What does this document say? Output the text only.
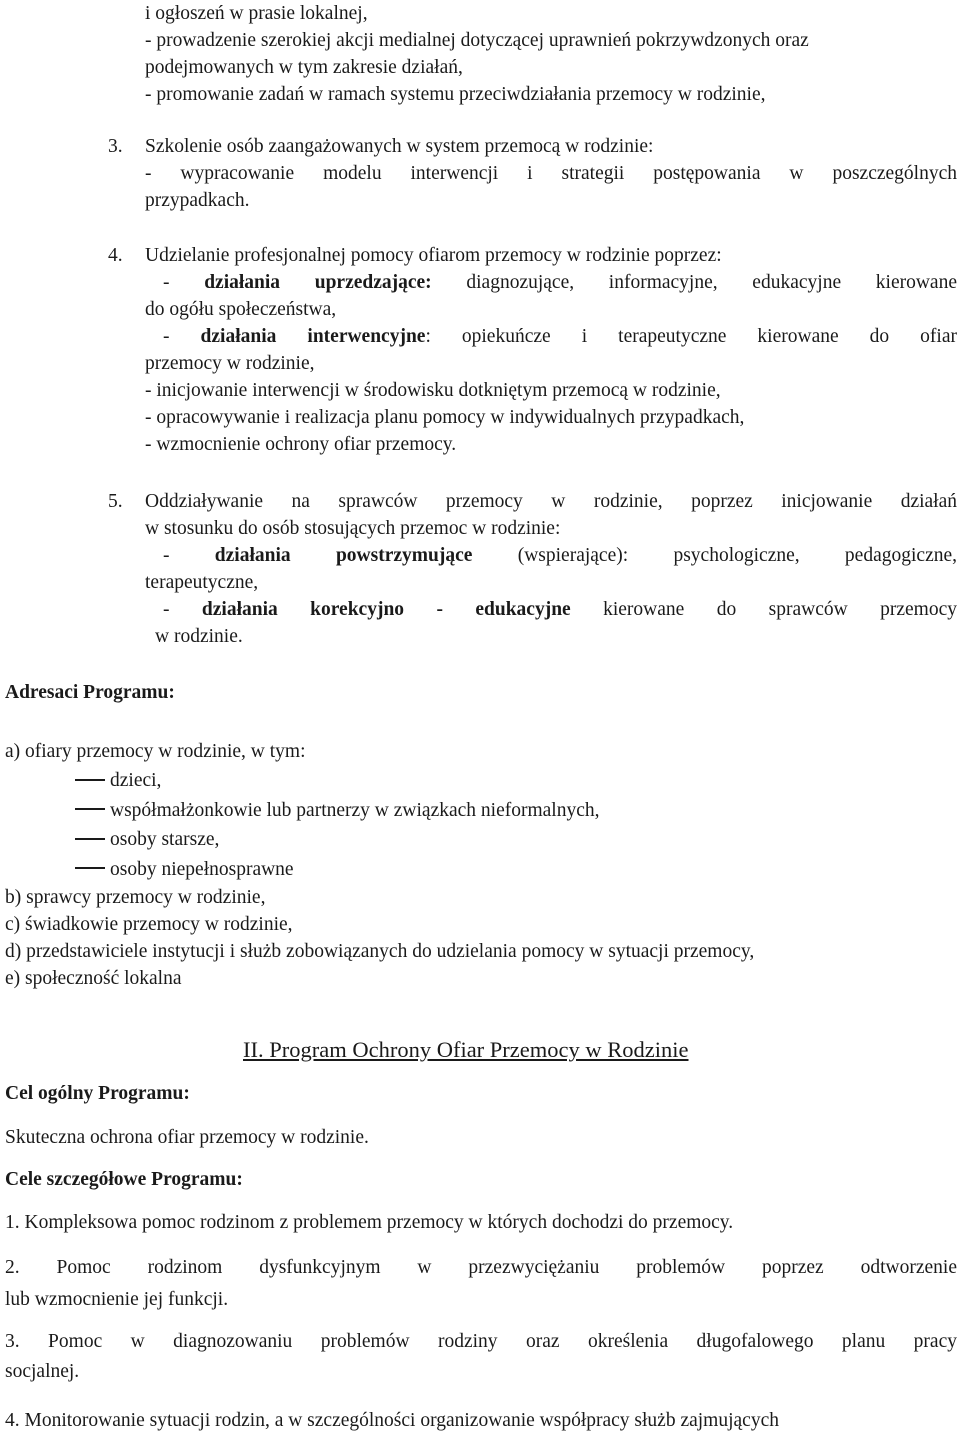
i ogłoszeń w prasie lokalnej,
- prowadzenie szerokiej akcji medialnej dotyczącej uprawnień pokrzywdzonych oraz
podejmowanych w tym zakresie działań,
- promowanie zadań w ramach systemu przeciwdziałania przemocy w rodzinie,
3. Szkolenie osób zaangażowanych w system przemocą w rodzinie:
- wypracowanie modelu interwencji i strategii postępowania w poszczególnych
przypadkach.
4. Udzielanie profesjonalnej pomocy ofiarom przemocy w rodzinie poprzez:
- działania uprzedzające: diagnozujące, informacyjne, edukacyjne kierowane
do ogółu społeczeństwa,
- działania interwencyjne: opiekuńcze i terapeutyczne kierowane do ofiar
przemocy w rodzinie,
- inicjowanie interwencji w środowisku dotkniętym przemocą w rodzinie,
- opracowywanie i realizacja planu pomocy w indywidualnych przypadkach,
- wzmocnienie ochrony ofiar przemocy.
5. Oddziaływanie na sprawców przemocy w rodzinie, poprzez inicjowanie działań
w stosunku do osób stosujących przemoc w rodzinie:
- działania powstrzymujące (wspierające): psychologiczne, pedagogiczne,
terapeutyczne,
- działania korekcyjno - edukacyjne kierowane do sprawców przemocy
w rodzinie.
Adresaci Programu:
a) ofiary przemocy w rodzinie, w tym:
dzieci,
współmałżonkowie lub partnerzy w związkach nieformalnych,
osoby starsze,
osoby niepełnosprawne
b) sprawcy przemocy w rodzinie,
c) świadkowie przemocy w rodzinie,
d) przedstawiciele instytucji i służb zobowiązanych do udzielania pomocy w sytuacji przemocy,
e) społeczność lokalna
II. Program Ochrony Ofiar Przemocy w Rodzinie
Cel ogólny Programu:
Skuteczna ochrona ofiar przemocy w rodzinie.
Cele szczegółowe Programu:
1. Kompleksowa pomoc rodzinom z problemem przemocy w których dochodzi do przemocy.
2. Pomoc rodzinom dysfunkcyjnym w przezwyciężaniu problemów poprzez odtworzenie
lub wzmocnienie jej funkcji.
3. Pomoc w diagnozowaniu problemów rodziny oraz określenia długofalowego planu pracy
socjalnej.
4. Monitorowanie sytuacji rodzin, a w szczególności organizowanie współpracy służb zajmujących
